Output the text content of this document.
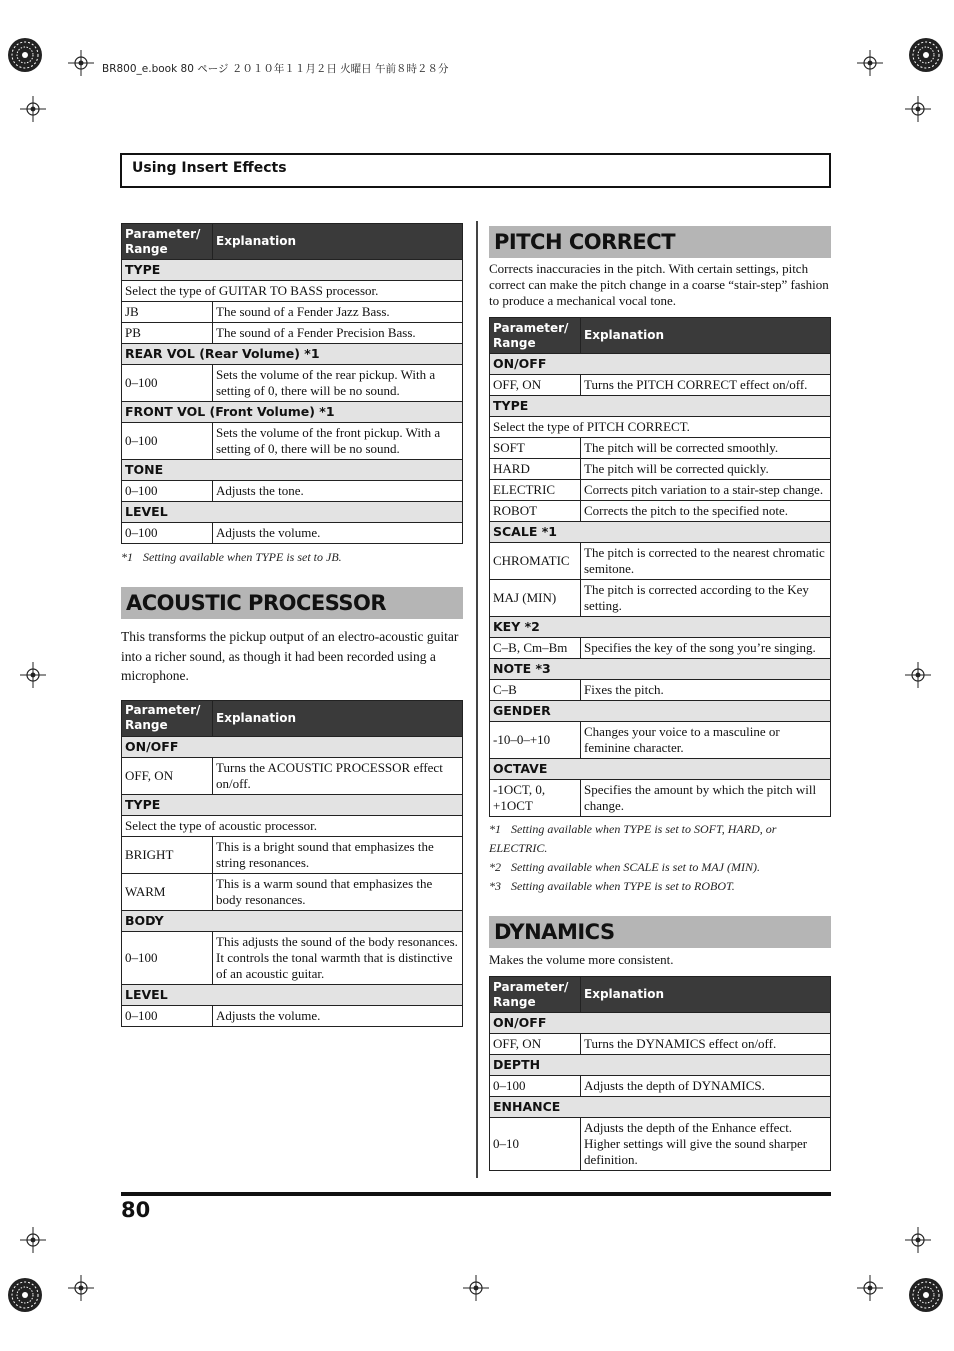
BR800_e.book 80 ページ ２０１０年１１月２日 火曜日 午前８時２８分
Using Insert Effects
Parameter/ Range	Explanation
TYPE	
Select the type of GUITAR TO BASS processor.	
JB	The sound of a Fender Jazz Bass.
PB	The sound of a Fender Precision Bass.
REAR VOL (Rear Volume) *1	
0–100	Sets the volume of the rear pickup. With a setting of 0, there will be no sound.
FRONT VOL (Front Volume) *1	
0–100	Sets the volume of the front pickup. With a setting of 0, there will be no sound.
TONE	
0–100	Adjusts the tone.
LEVEL	
0–100	Adjusts the volume.
*1 Setting available when TYPE is set to JB.
ACOUSTIC PROCESSOR

This transforms the pickup output of an electro-acoustic guitar into a richer sound, as though it had been recorded using a microphone.

Parameter/ Range	Explanation
ON/OFF	
OFF, ON	Turns the ACOUSTIC PROCESSOR effect on/off.
TYPE	
Select the type of acoustic processor.	
BRIGHT	This is a bright sound that emphasizes the string resonances.
WARM	This is a warm sound that emphasizes the body resonances.
BODY	
0–100	This adjusts the sound of the body resonances. It controls the tonal warmth that is distinctive of an acoustic guitar.
LEVEL	
0–100	Adjusts the volume.
PITCH CORRECT

Corrects inaccuracies in the pitch. With certain settings, pitch correct can make the pitch change in a coarse “stair-step” fashion to produce a mechanical vocal tone.

Parameter/ Range	Explanation
ON/OFF	
OFF, ON	Turns the PITCH CORRECT effect on/off.
TYPE	
Select the type of PITCH CORRECT.	
SOFT	The pitch will be corrected smoothly.
HARD	The pitch will be corrected quickly.
ELECTRIC	Corrects pitch variation to a stair-step change.
ROBOT	Corrects the pitch to the specified note.
SCALE *1	
CHROMATIC	The pitch is corrected to the nearest chromatic semitone.
MAJ (MIN)	The pitch is corrected according to the Key setting.
KEY *2	
C–B, Cm–Bm	Specifies the key of the song you’re singing.
NOTE *3	
C–B	Fixes the pitch.
GENDER	
-10–0–+10	Changes your voice to a masculine or feminine character.
OCTAVE	
-1OCT, 0, +1OCT	Specifies the amount by which the pitch will change.
*1 Setting available when TYPE is set to SOFT, HARD, or ELECTRIC.
*2 Setting available when SCALE is set to MAJ (MIN).
*3 Setting available when TYPE is set to ROBOT.
DYNAMICS

Makes the volume more consistent.

Parameter/ Range	Explanation
ON/OFF	
OFF, ON	Turns the DYNAMICS effect on/off.
DEPTH	
0–100	Adjusts the depth of DYNAMICS.
ENHANCE	
0–10	Adjusts the depth of the Enhance effect. Higher settings will give the sound sharper definition.
80
